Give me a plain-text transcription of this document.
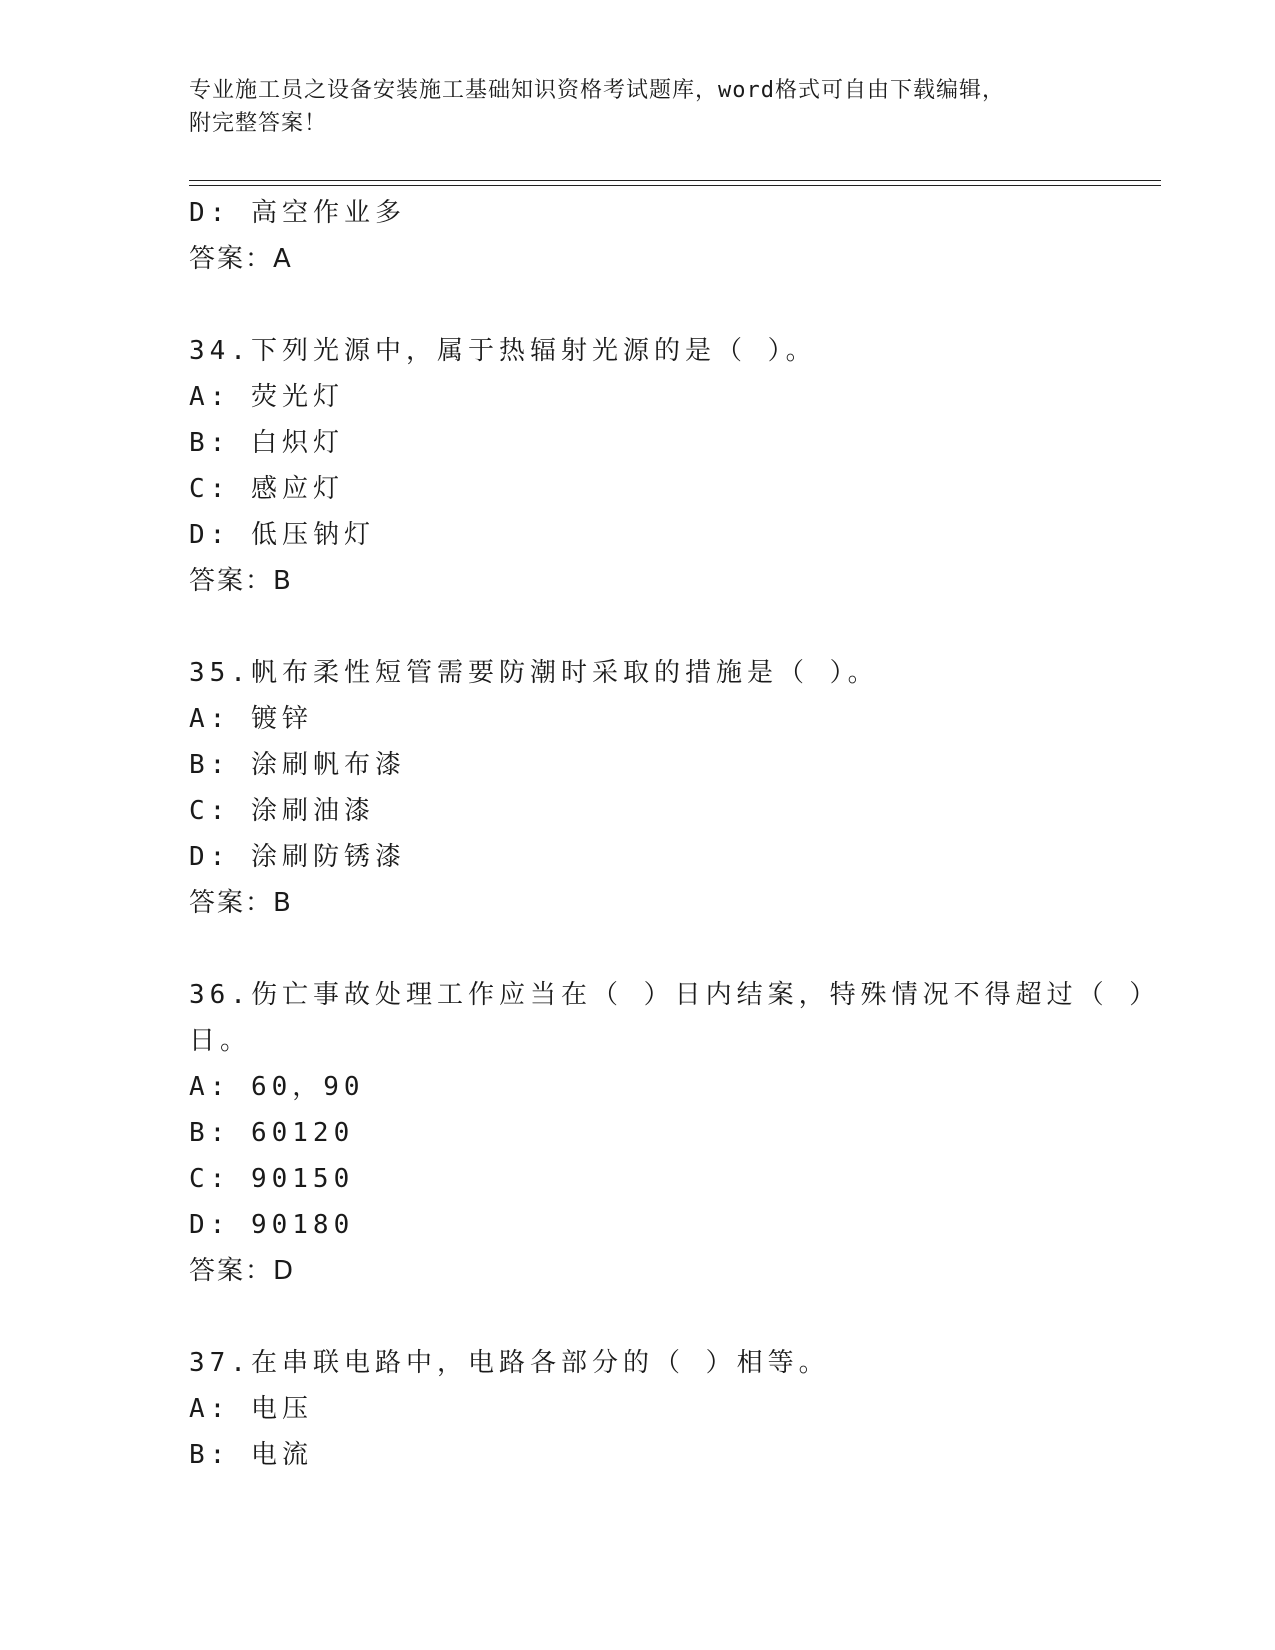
专业施工员之设备安装施工基础知识资格考试题库，word格式可自由下载编辑，
附完整答案！
D: 高空作业多
答案：A
34.下列光源中，属于热辐射光源的是（ ）。
A: 荧光灯
B: 白炽灯
C: 感应灯
D: 低压钠灯
答案：B
35.帆布柔性短管需要防潮时采取的措施是（ ）。
A: 镀锌
B: 涂刷帆布漆
C: 涂刷油漆
D: 涂刷防锈漆
答案：B
36.伤亡事故处理工作应当在（ ）日内结案，特殊情况不得超过（ ）
日。
A: 60，90
B: 60120
C: 90150
D: 90180
答案：D
37.在串联电路中，电路各部分的（ ）相等。
A: 电压
B: 电流
